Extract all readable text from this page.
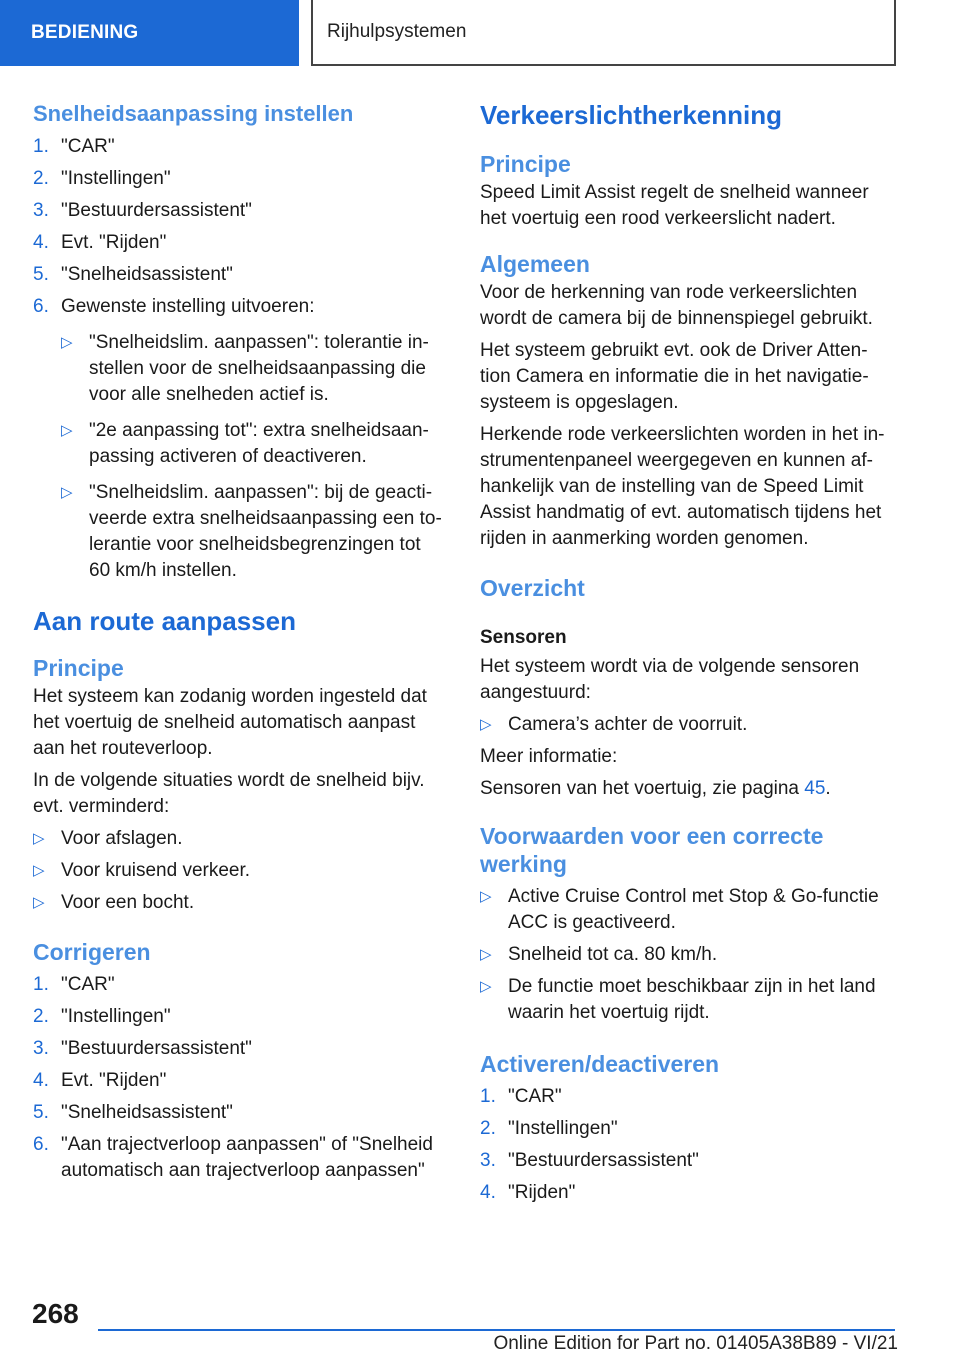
BEDIENING	Rijhulpsystemen
Snelheidsaanpassing instellen
1. "CAR"
2. "Instellingen"
3. "Bestuurdersassistent"
4. Evt. "Rijden"
5. "Snelheidsassistent"
6. Gewenste instelling uitvoeren:
▷ "Snelheidslim. aanpassen": tolerantie in-stellen voor de snelheidsaanpassing die voor alle snelheden actief is.
▷ "2e aanpassing tot": extra snelheidsaan-passing activeren of deactiveren.
▷ "Snelheidslim. aanpassen": bij de geacti-veerde extra snelheidsaanpassing een to-lerantie voor snelheidsbegrenzingen tot 60 km/h instellen.
Aan route aanpassen
Principe

Het systeem kan zodanig worden ingesteld dat het voertuig de snelheid automatisch aanpast aan het routeverloop.

In de volgende situaties wordt de snelheid bijv. evt. verminderd:

▷ Voor afslagen.
▷ Voor kruisend verkeer.
▷ Voor een bocht.
Corrigeren
1. "CAR"
2. "Instellingen"
3. "Bestuurdersassistent"
4. Evt. "Rijden"
5. "Snelheidsassistent"
6. "Aan trajectverloop aanpassen" of "Snelheid automatisch aan trajectverloop aanpassen"
Verkeerslichtherkenning
Principe

Speed Limit Assist regelt de snelheid wanneer het voertuig een rood verkeerslicht nadert.

Algemeen

Voor de herkenning van rode verkeerslichten wordt de camera bij de binnenspiegel gebruikt.

Het systeem gebruikt evt. ook de Driver Atten-tion Camera en informatie die in het navigatie-systeem is opgeslagen.

Herkende rode verkeerslichten worden in het in-strumentenpaneel weergegeven en kunnen af-hankelijk van de instelling van de Speed Limit Assist handmatig of evt. automatisch tijdens het rijden in aanmerking worden genomen.

Overzicht
Sensoren

Het systeem wordt via de volgende sensoren aangestuurd:

▷ Camera’s achter de voorruit.

Meer informatie:

Sensoren van het voertuig, zie pagina 45.

Voorwaarden voor een correcte werking
▷ Active Cruise Control met Stop & Go-functie ACC is geactiveerd.
▷ Snelheid tot ca. 80 km/h.
▷ De functie moet beschikbaar zijn in het land waarin het voertuig rijdt.
Activeren/deactiveren
1. "CAR"
2. "Instellingen"
3. "Bestuurdersassistent"
4. "Rijden"
268
Online Edition for Part no. 01405A38B89 - VI/21
